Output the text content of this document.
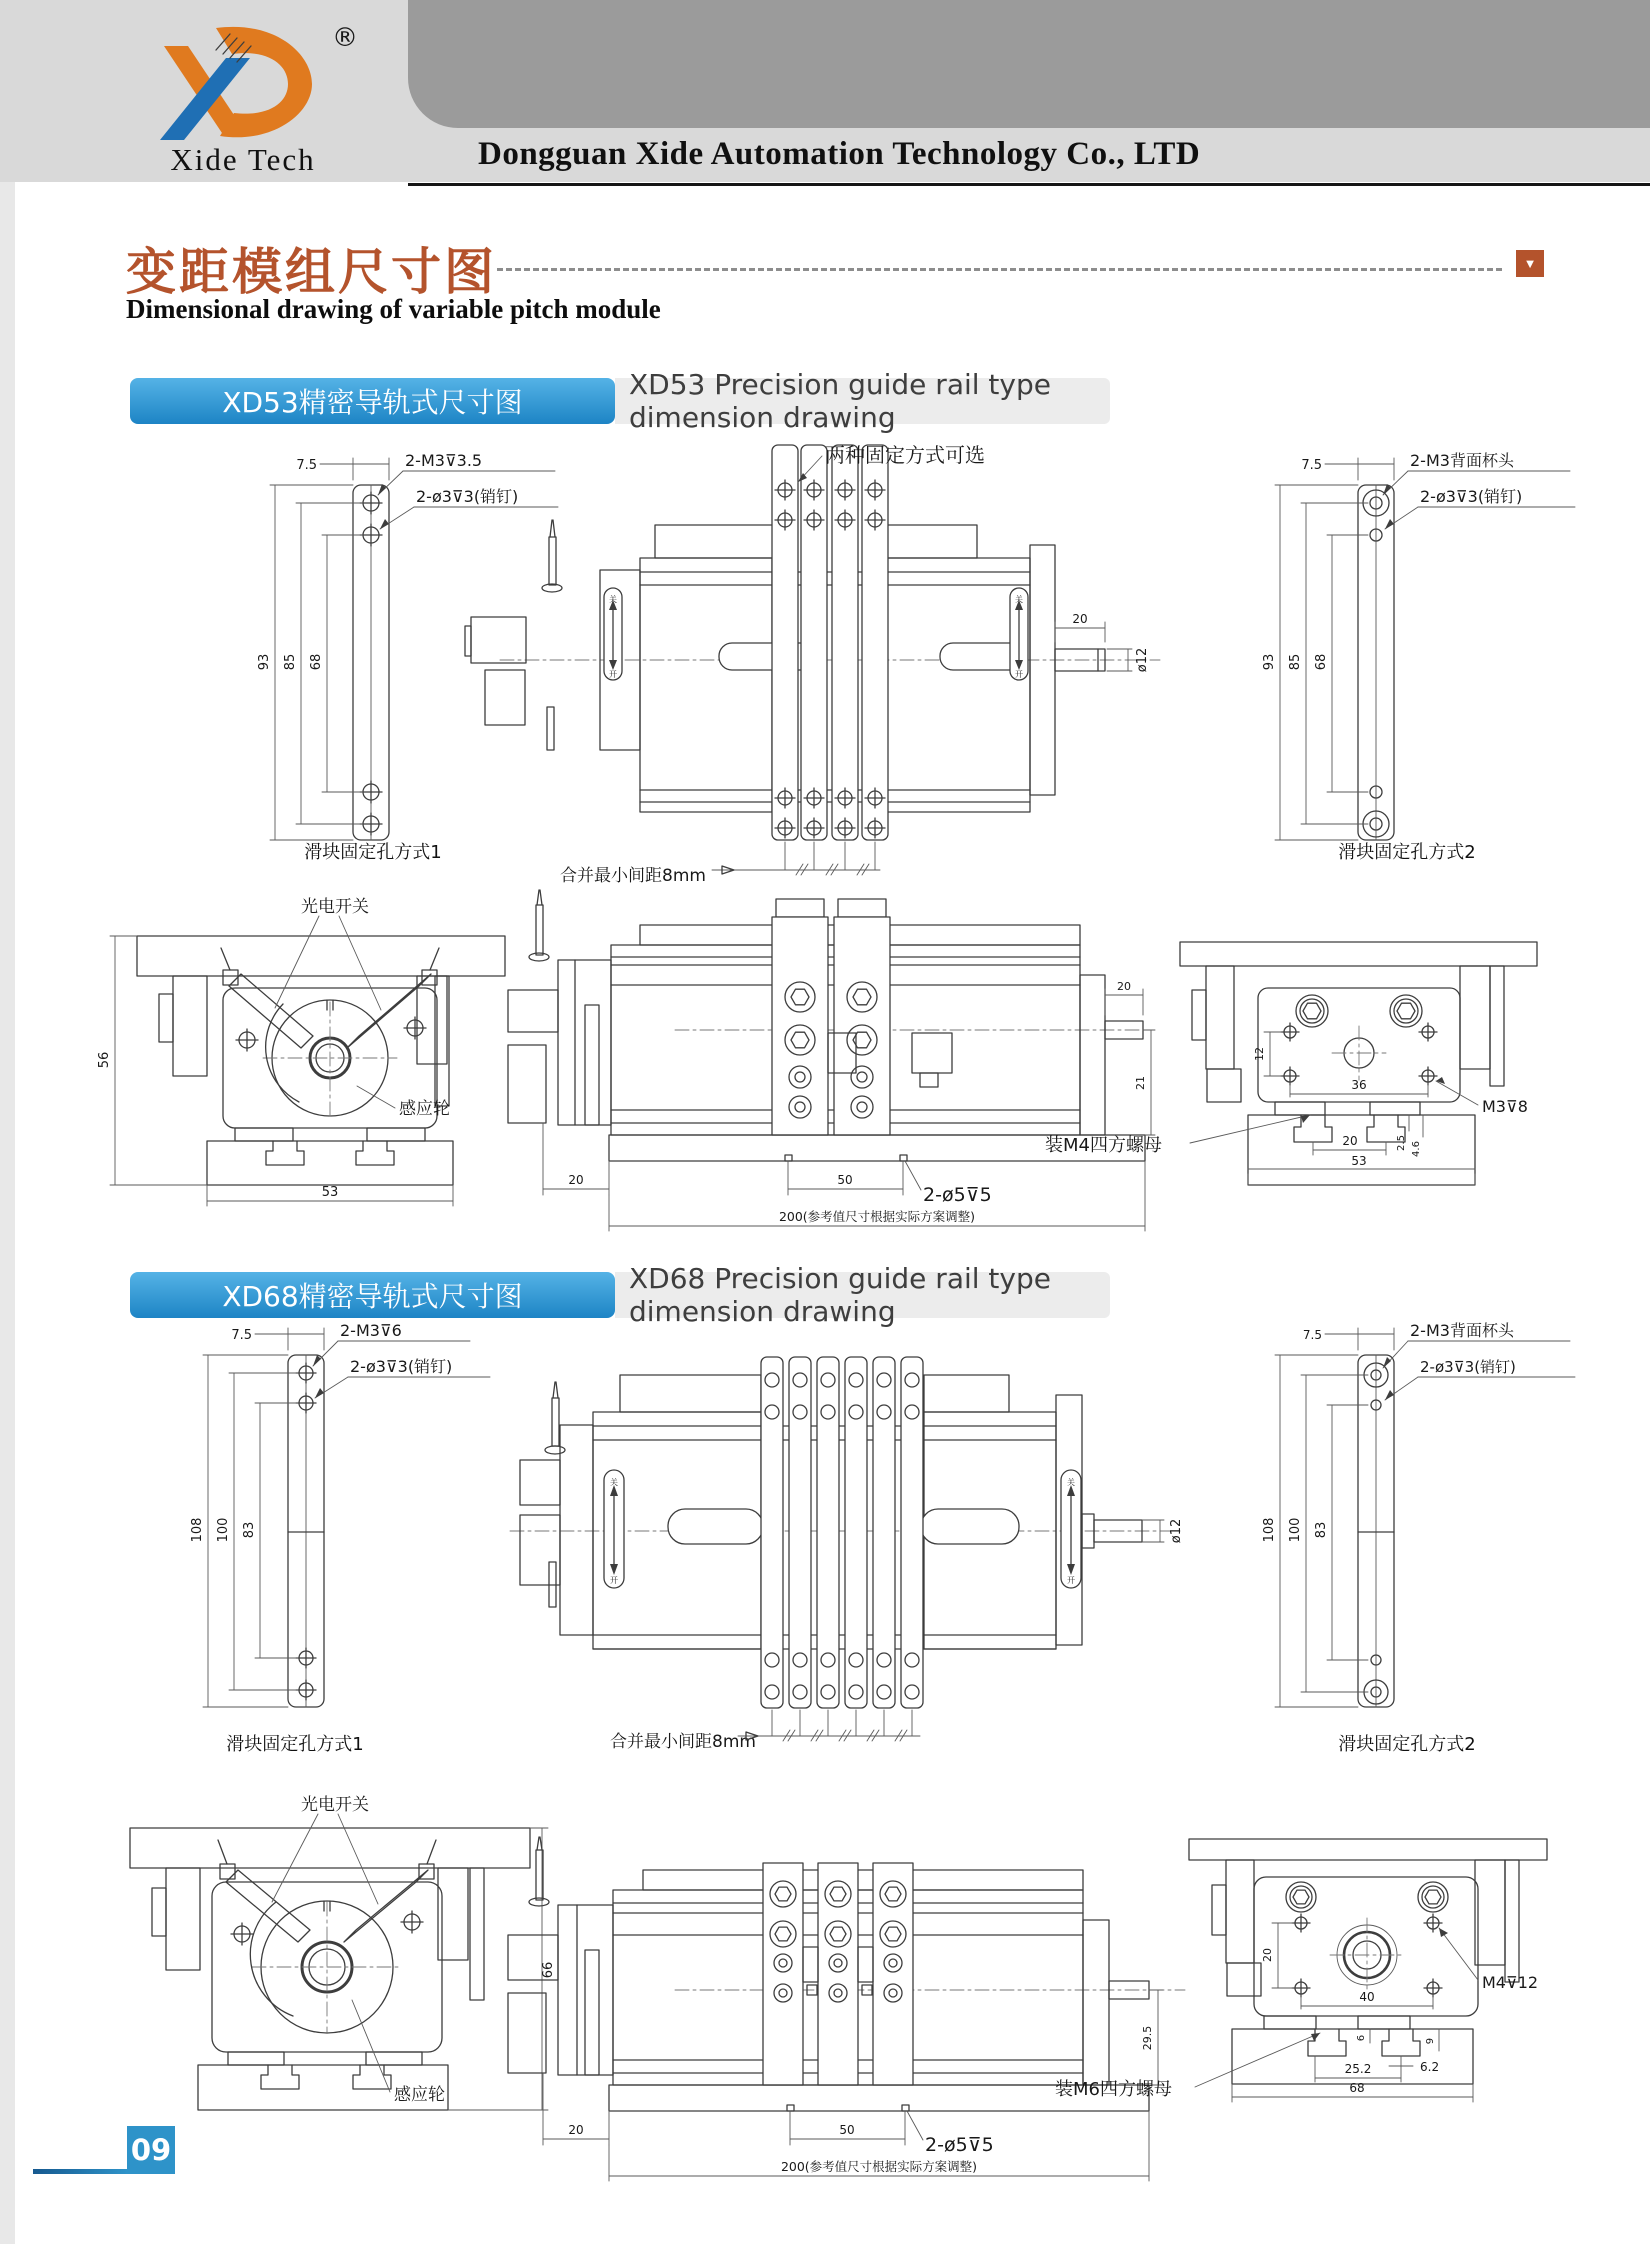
®
Xide Tech	Dongguan Xide Automation Technology Co., LTD
变距模组尺寸图	▼
Dimensional drawing of variable pitch module
XD53精密导轨式尺寸图
XD53 Precision guide rail type dimension drawing
93 85 68
7.5	2-M3⊽3.5
2-ø3⊽3(销钉)
滑块固定孔方式1
关
开
关
开
20
ø12
两种固定方式可选
合并最小间距8mm
93 85 68
7.5	2-M3背面杯头
2-ø3⊽3(销钉)
滑块固定孔方式2
56
53
光电开关
感应轮
20
21
20	50
2-ø5⊽5
200(参考值尺寸根据实际方案调整)
12
36
M3⊽8
20	2.5 4.6
53
装M4四方螺母
XD68精密导轨式尺寸图
XD68 Precision guide rail type dimension drawing
108 100 83
7.5	2-M3⊽6
2-ø3⊽3(销钉)
滑块固定孔方式1
关
开
关
开
ø12
合并最小间距8mm
108 100 83
7.5	2-M3背面杯头
2-ø3⊽3(销钉)
滑块固定孔方式2
66
光电开关
感应轮
29.5
20	50
2-ø5⊽5
200(参考值尺寸根据实际方案调整)
20
40
M4⊽12
6	9
6.2
25.2
68
装M6四方螺母
09
